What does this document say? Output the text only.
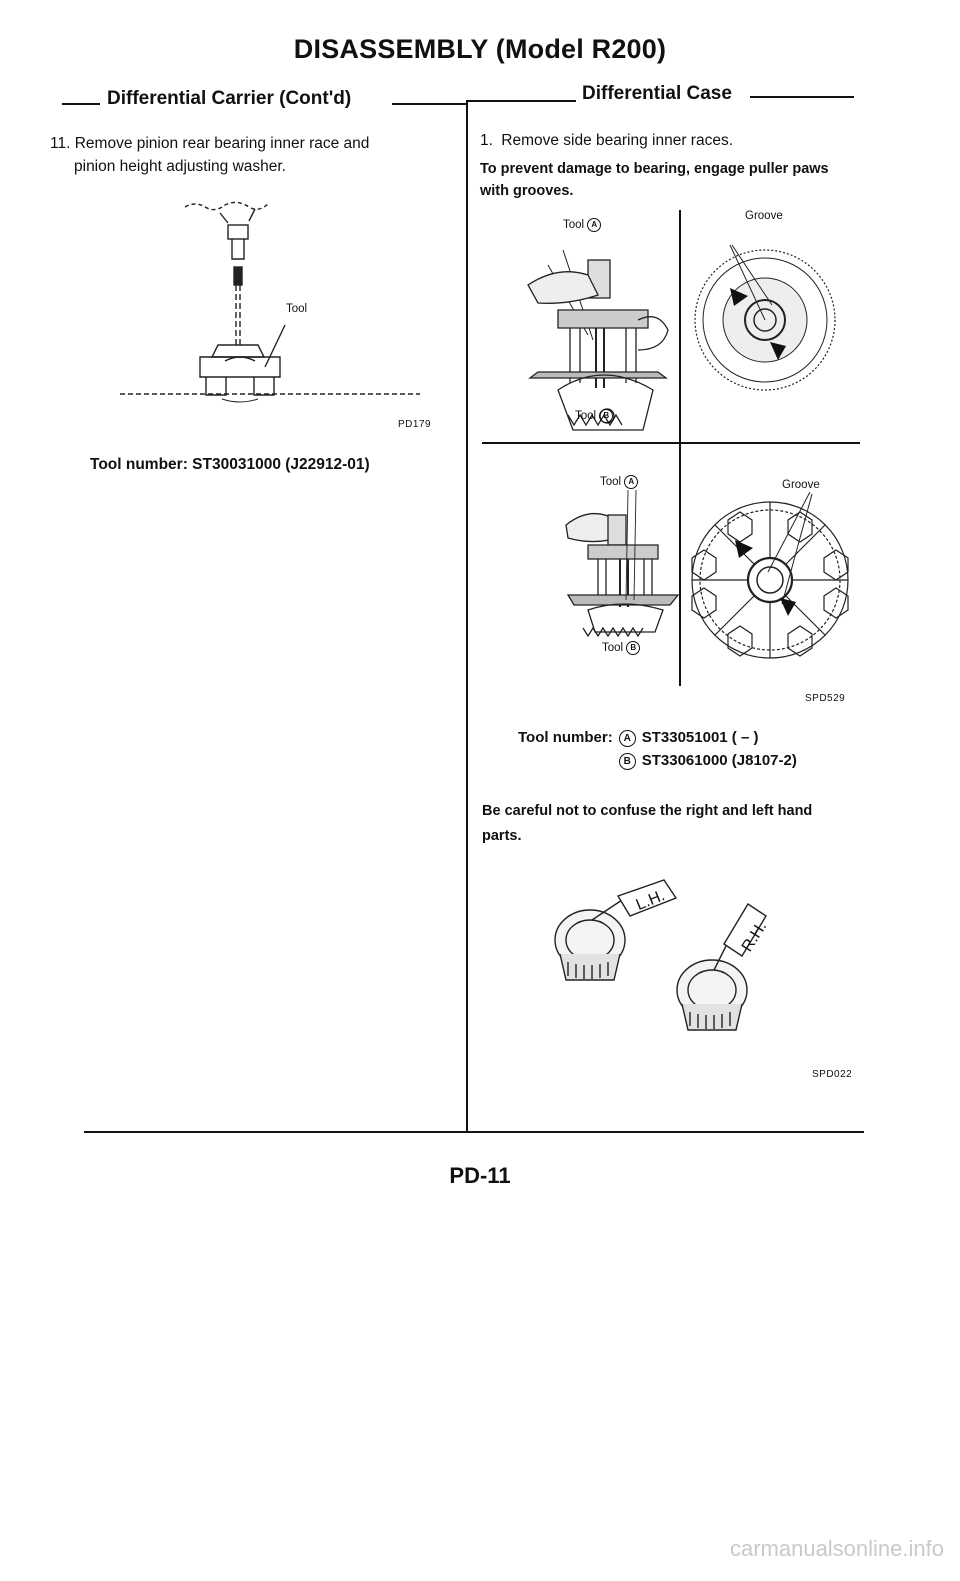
DISASSEMBLY (Model R200)
Differential Carrier (Cont'd)
11. Remove pinion rear bearing inner race and
pinion height adjusting washer.
Tool
PD179
Tool number: ST30031000 (J22912-01)
Differential Case
1. Remove side bearing inner races.
To prevent damage to bearing, engage puller paws
with grooves.
Tool A
Tool B
Groove
Tool A
Tool B
Groove
SPD529
Tool number:	A ST33051001 ( – )
	B ST33061000 (J8107-2)
Be careful not to confuse the right and left hand
parts.
L.H.
R.H.
SPD022
PD-11
carmanualsonline.info
